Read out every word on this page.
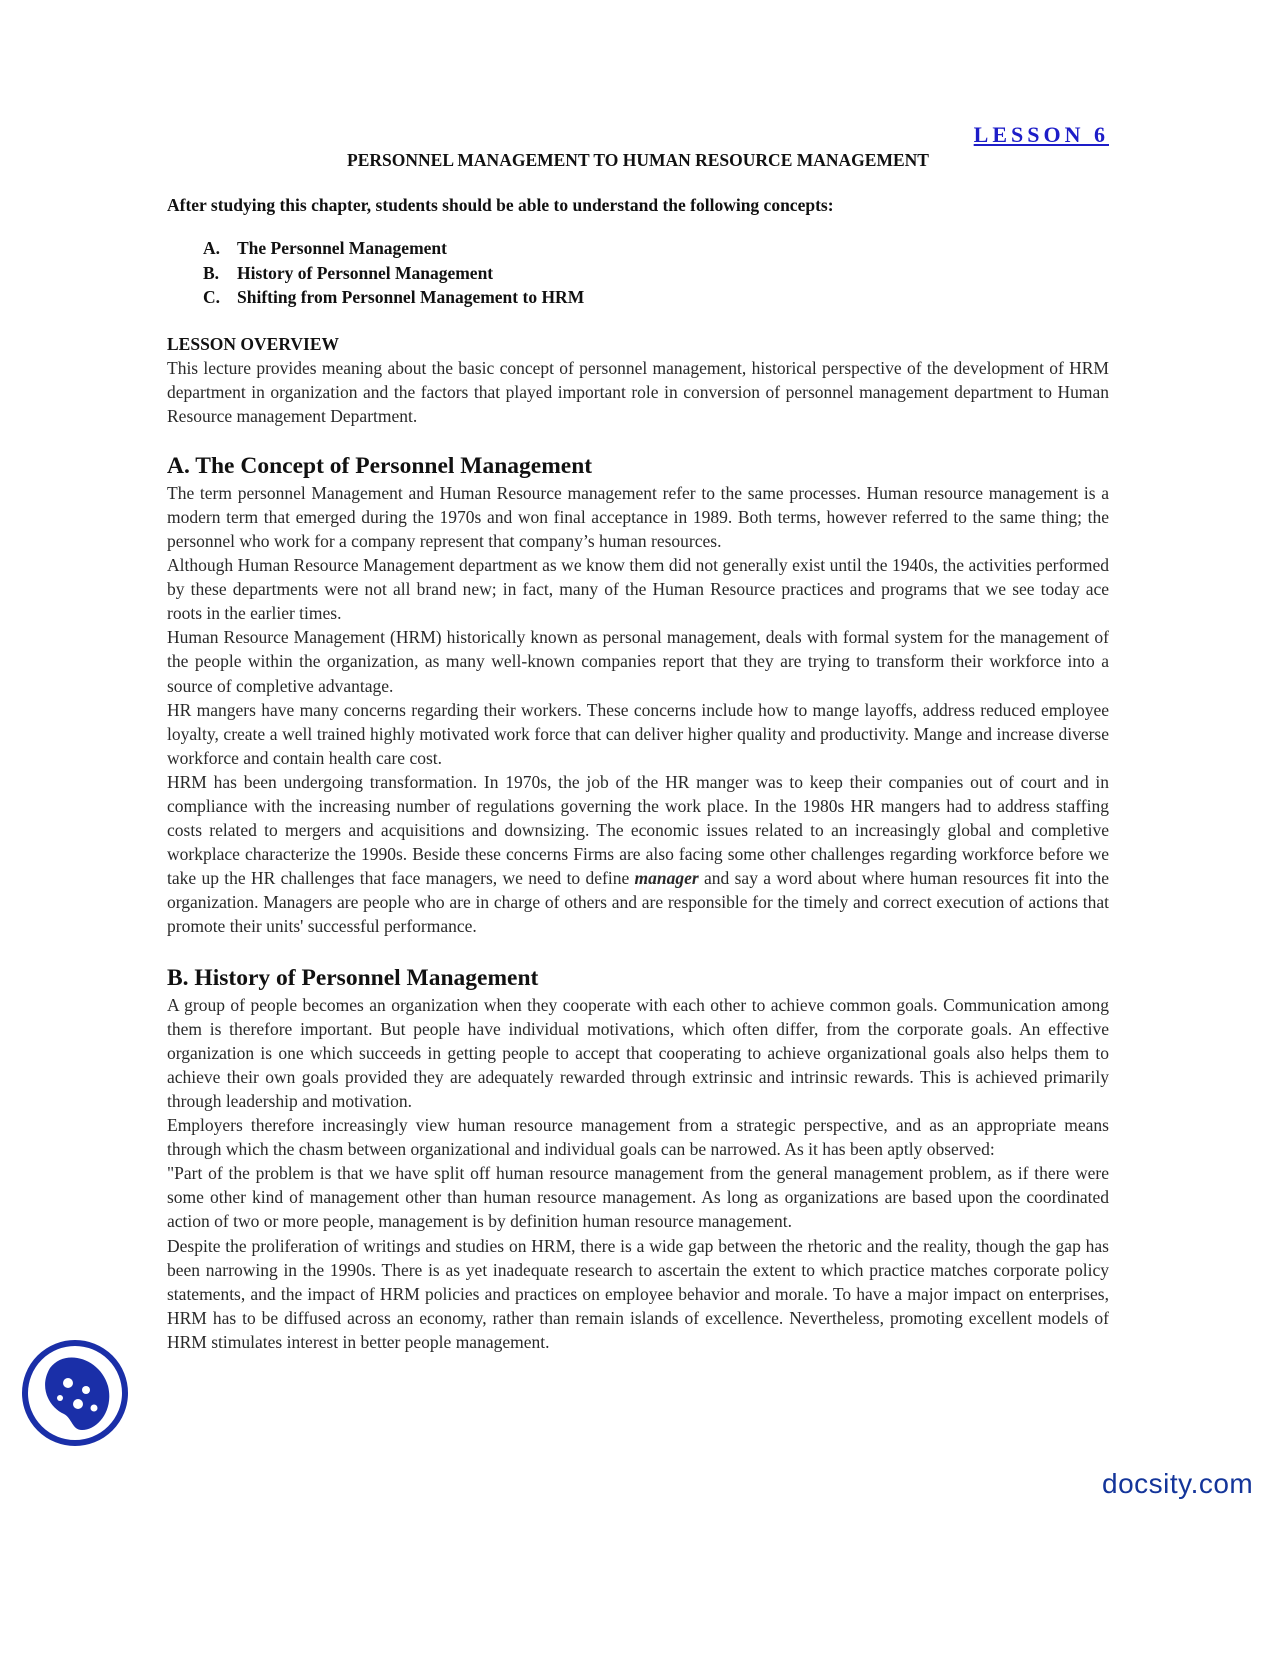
LESSON 6
PERSONNEL MANAGEMENT TO HUMAN RESOURCE MANAGEMENT
After studying this chapter, students should be able to understand the following concepts:
A. The Personnel Management
B.	History of Personnel Management
C. Shifting from Personnel Management to HRM
LESSON OVERVIEW

This lecture provides meaning about the basic concept of personnel management, historical perspective of the development of HRM department in organization and the factors that played important role in conversion of personnel management department to Human Resource management Department.

A. The Concept of Personnel Management

The term personnel Management and Human Resource management refer to the same processes. Human resource management is a modern term that emerged during the 1970s and won final acceptance in 1989. Both terms, however referred to the same thing; the personnel who work for a company represent that company’s human resources.

Although Human Resource Management department as we know them did not generally exist until the 1940s, the activities performed by these departments were not all brand new; in fact, many of the Human Resource practices and programs that we see today ace roots in the earlier times.

Human Resource Management (HRM) historically known as personal management, deals with formal system for the management of the people within the organization, as many well-known companies report that they are trying to transform their workforce into a source of completive advantage.

HR mangers have many concerns regarding their workers. These concerns include how to mange layoffs, address reduced employee loyalty, create a well trained highly motivated work force that can deliver higher quality and productivity. Mange and increase diverse workforce and contain health care cost.

HRM has been undergoing transformation. In 1970s, the job of the HR manger was to keep their companies out of court and in compliance with the increasing number of regulations governing the work place. In the 1980s HR mangers had to address staffing costs related to mergers and acquisitions and downsizing. The economic issues related to an increasingly global and completive workplace characterize the 1990s. Beside these concerns Firms are also facing some other challenges regarding workforce before we take up the HR challenges that face managers, we need to define manager and say a word about where human resources fit into the organization. Managers are people who are in charge of others and are responsible for the timely and correct execution of actions that promote their units' successful performance.

B. History of Personnel Management

A group of people becomes an organization when they cooperate with each other to achieve common goals. Communication among them is therefore important. But people have individual motivations, which often differ, from the corporate goals. An effective organization is one which succeeds in getting people to accept that cooperating to achieve organizational goals also helps them to achieve their own goals provided they are adequately rewarded through extrinsic and intrinsic rewards. This is achieved primarily through leadership and motivation.

Employers therefore increasingly view human resource management from a strategic perspective, and as an appropriate means through which the chasm between organizational and individual goals can be narrowed. As it has been aptly observed:

"Part of the problem is that we have split off human resource management from the general management problem, as if there were some other kind of management other than human resource management. As long as organizations are based upon the coordinated action of two or more people, management is by definition human resource management.

Despite the proliferation of writings and studies on HRM, there is a wide gap between the rhetoric and the reality, though the gap has been narrowing in the 1990s. There is as yet inadequate research to ascertain the extent to which practice matches corporate policy statements, and the impact of HRM policies and practices on employee behavior and morale. To have a major impact on enterprises, HRM has to be diffused across an economy, rather than remain islands of excellence. Nevertheless, promoting excellent models of HRM stimulates interest in better people management.

docsity.com
